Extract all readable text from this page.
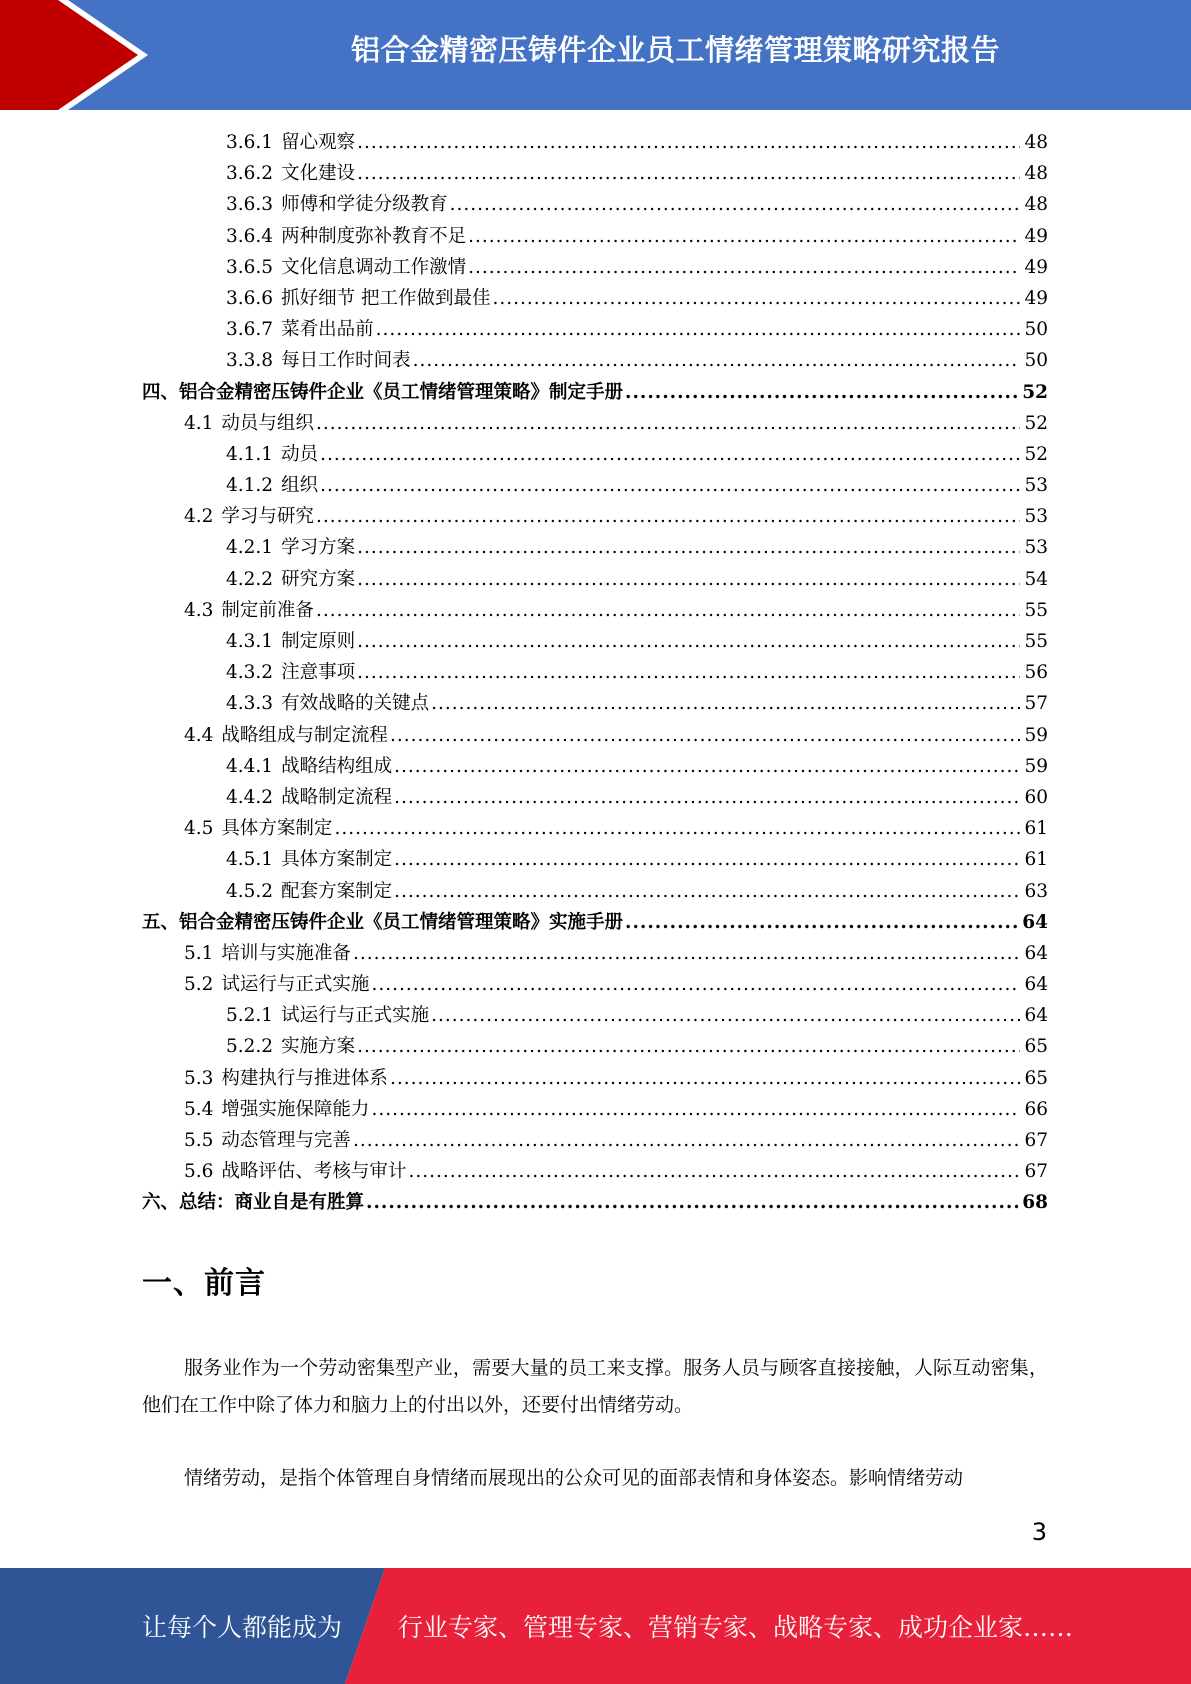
铝合金精密压铸件企业员工情绪管理策略研究报告
3.6.1 留心观察 .....	48
3.6.2 文化建设 .....	48
3.6.3 师傅和学徒分级教育 .....	48
3.6.4 两种制度弥补教育不足 .....	49
3.6.5 文化信息调动工作激情 .....	49
3.6.6 抓好细节 把工作做到最佳 .....	49
3.6.7 菜肴出品前 .....	50
3.3.8 每日工作时间表 .....	50
四、 铝合金精密压铸件企业《员工情绪管理策略》制定手册 .....	52
4.1 动员与组织 .....	52
4.1.1 动员 .....	52
4.1.2 组织 .....	53
4.2 学习与研究 .....	53
4.2.1 学习方案 .....	53
4.2.2 研究方案 .....	54
4.3 制定前准备 .....	55
4.3.1 制定原则 .....	55
4.3.2 注意事项 .....	56
4.3.3 有效战略的关键点 .....	57
4.4 战略组成与制定流程 .....	59
4.4.1 战略结构组成 .....	59
4.4.2 战略制定流程 .....	60
4.5 具体方案制定 .....	61
4.5.1 具体方案制定 .....	61
4.5.2 配套方案制定 .....	63
五、 铝合金精密压铸件企业《员工情绪管理策略》实施手册 .....	64
5.1 培训与实施准备 .....	64
5.2 试运行与正式实施 .....	64
5.2.1 试运行与正式实施 .....	64
5.2.2 实施方案 .....	65
5.3 构建执行与推进体系 .....	65
5.4 增强实施保障能力 .....	66
5.5 动态管理与完善 .....	67
5.6 战略评估、考核与审计 .....	67
六、 总结：商业自是有胜算 .....	68
一、前言

服务业作为一个劳动密集型产业，需要大量的员工来支撑。服务人员与顾客直接接触，人际互动密集，他们在工作中除了体力和脑力上的付出以外，还要付出情绪劳动。

情绪劳动，是指个体管理自身情绪而展现出的公众可见的面部表情和身体姿态。影响情绪劳动

3
让每个人都能成为 行业专家、管理专家、营销专家、战略专家、成功企业家……
